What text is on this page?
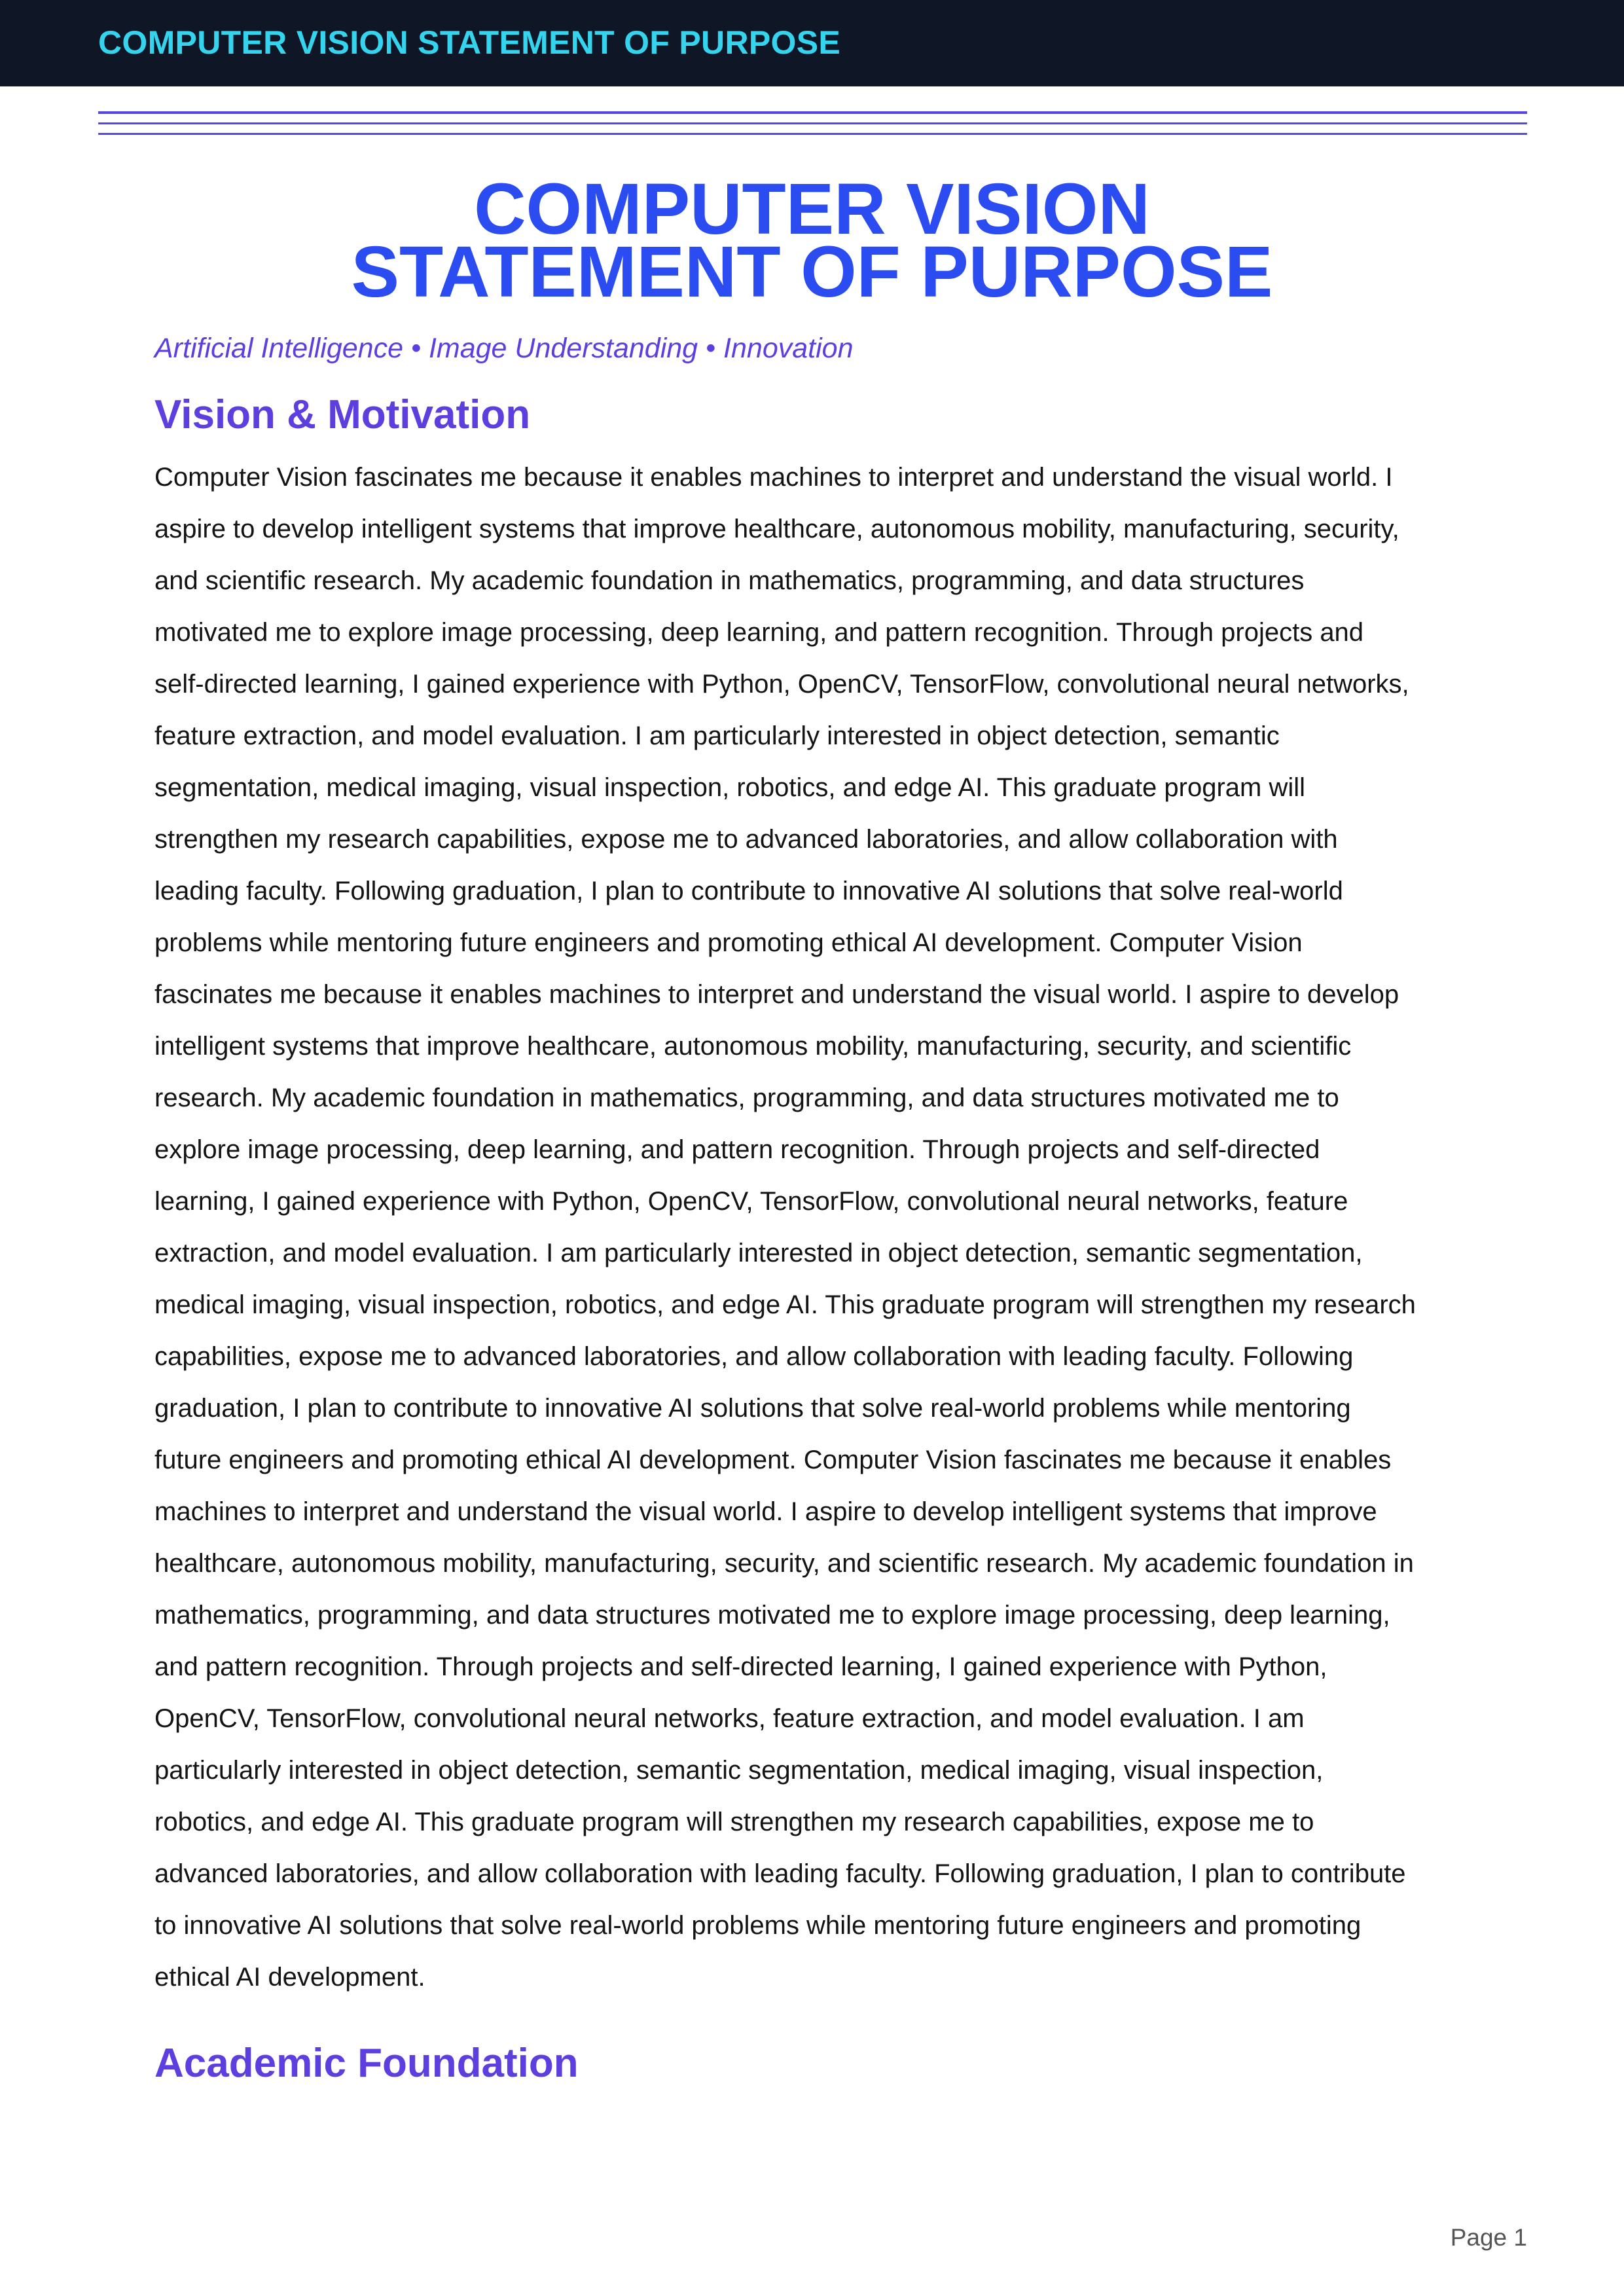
COMPUTER VISION STATEMENT OF PURPOSE
COMPUTER VISION
STATEMENT OF PURPOSE
Artificial Intelligence • Image Understanding • Innovation
Vision & Motivation
Computer Vision fascinates me because it enables machines to interpret and understand the visual world. I
aspire to develop intelligent systems that improve healthcare, autonomous mobility, manufacturing, security,
and scientific research. My academic foundation in mathematics, programming, and data structures
motivated me to explore image processing, deep learning, and pattern recognition. Through projects and
self-directed learning, I gained experience with Python, OpenCV, TensorFlow, convolutional neural networks,
feature extraction, and model evaluation. I am particularly interested in object detection, semantic
segmentation, medical imaging, visual inspection, robotics, and edge AI. This graduate program will
strengthen my research capabilities, expose me to advanced laboratories, and allow collaboration with
leading faculty. Following graduation, I plan to contribute to innovative AI solutions that solve real-world
problems while mentoring future engineers and promoting ethical AI development. Computer Vision
fascinates me because it enables machines to interpret and understand the visual world. I aspire to develop
intelligent systems that improve healthcare, autonomous mobility, manufacturing, security, and scientific
research. My academic foundation in mathematics, programming, and data structures motivated me to
explore image processing, deep learning, and pattern recognition. Through projects and self-directed
learning, I gained experience with Python, OpenCV, TensorFlow, convolutional neural networks, feature
extraction, and model evaluation. I am particularly interested in object detection, semantic segmentation,
medical imaging, visual inspection, robotics, and edge AI. This graduate program will strengthen my research
capabilities, expose me to advanced laboratories, and allow collaboration with leading faculty. Following
graduation, I plan to contribute to innovative AI solutions that solve real-world problems while mentoring
future engineers and promoting ethical AI development. Computer Vision fascinates me because it enables
machines to interpret and understand the visual world. I aspire to develop intelligent systems that improve
healthcare, autonomous mobility, manufacturing, security, and scientific research. My academic foundation in
mathematics, programming, and data structures motivated me to explore image processing, deep learning,
and pattern recognition. Through projects and self-directed learning, I gained experience with Python,
OpenCV, TensorFlow, convolutional neural networks, feature extraction, and model evaluation. I am
particularly interested in object detection, semantic segmentation, medical imaging, visual inspection,
robotics, and edge AI. This graduate program will strengthen my research capabilities, expose me to
advanced laboratories, and allow collaboration with leading faculty. Following graduation, I plan to contribute
to innovative AI solutions that solve real-world problems while mentoring future engineers and promoting
ethical AI development.
Academic Foundation
Page 1
